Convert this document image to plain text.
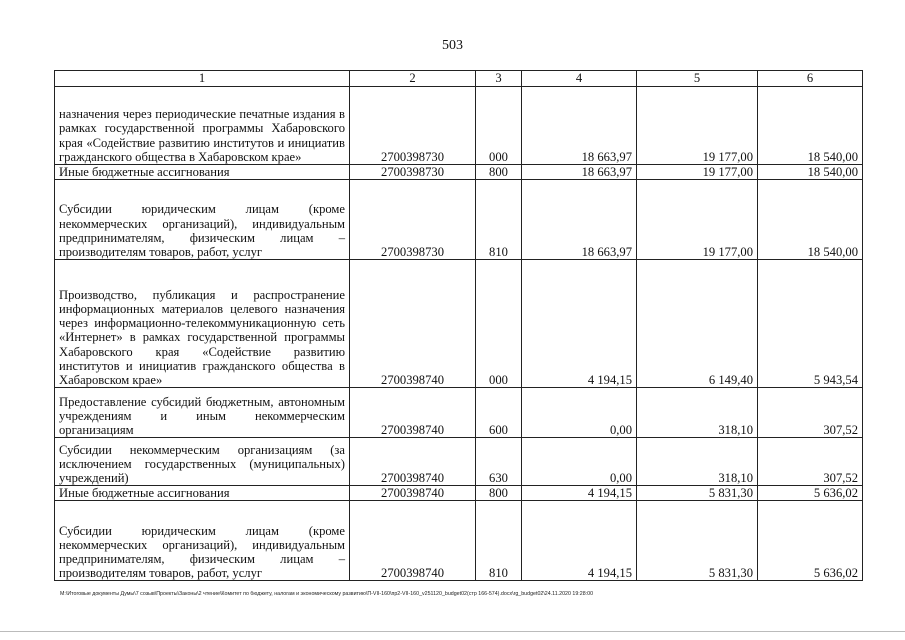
503
1	2	3	4	5	6
назначения через периодические печатные издания в рамках государственной программы Хабаровского края «Содействие развитию институтов и инициатив гражданского общества в Хабаровском крае»	2700398730	000	18 663,97	19 177,00	18 540,00
Иные бюджетные ассигнования	2700398730	800	18 663,97	19 177,00	18 540,00
Субсидии юридическим лицам (кроме некоммерческих организаций), индивидуальным предпринимателям, физическим лицам – производителям товаров, работ, услуг	2700398730	810	18 663,97	19 177,00	18 540,00
Производство, публикация и распространение информационных материалов целевого назначения через информационно-телекоммуникационную сеть «Интернет» в рамках государственной программы Хабаровского края «Содействие развитию институтов и инициатив гражданского общества в Хабаровском крае»	2700398740	000	4 194,15	6 149,40	5 943,54
Предоставление субсидий бюджетным, автономным учреждениям и иным некоммерческим организациям	2700398740	600	0,00	318,10	307,52
Субсидии некоммерческим организациям (за исключением государственных (муниципальных) учреждений)	2700398740	630	0,00	318,10	307,52
Иные бюджетные ассигнования	2700398740	800	4 194,15	5 831,30	5 636,02
Субсидии юридическим лицам (кроме некоммерческих организаций), индивидуальным предпринимателям, физическим лицам – производителям товаров, работ, услуг	2700398740	810	4 194,15	5 831,30	5 636,02
M:\Итоговые документы Думы\7 созыв\Проекты\Законы\2 чтение\Комитет по бюджету, налогам и экономическому развитию\П-VII-160\пр2-VII-160_v251120_budget02(стр 166-574).docx\rg_budget02\24.11.2020 19:28:00
